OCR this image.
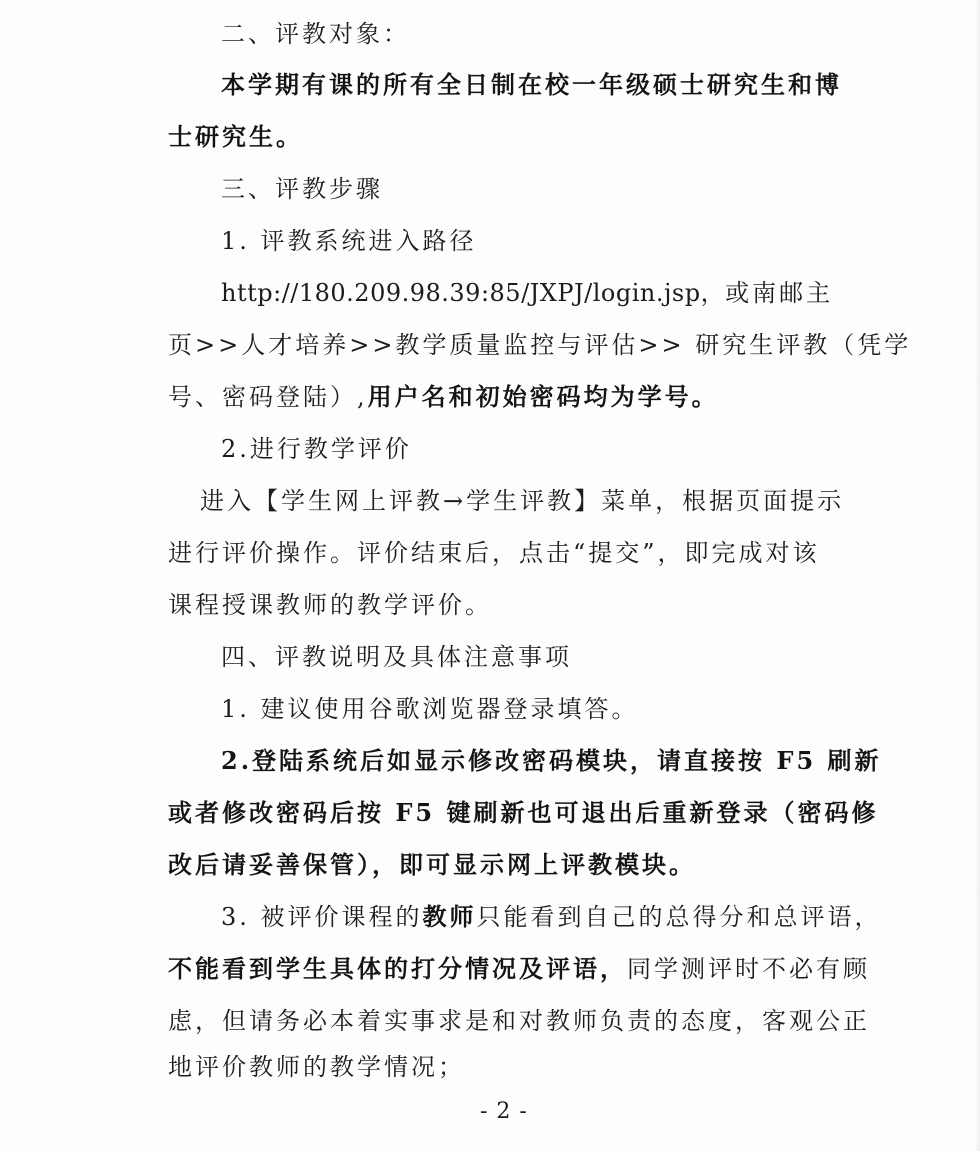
二、评教对象：
本学期有课的所有全日制在校一年级硕士研究生和博
士研究生。
三、评教步骤
1. 评教系统进入路径
http://180.209.98.39:85/JXPJ/login.jsp，或南邮主
页>>人才培养>>教学质量监控与评估>> 研究生评教（凭学
号、密码登陆）,用户名和初始密码均为学号。
2.进行教学评价
进入【学生网上评教→学生评教】菜单，根据页面提示
进行评价操作。评价结束后，点击“提交”，即完成对该
课程授课教师的教学评价。
四、评教说明及具体注意事项
1. 建议使用谷歌浏览器登录填答。
2.登陆系统后如显示修改密码模块，请直接按 F5 刷新
或者修改密码后按 F5 键刷新也可退出后重新登录（密码修
改后请妥善保管），即可显示网上评教模块。
3. 被评价课程的教师只能看到自己的总得分和总评语，
不能看到学生具体的打分情况及评语，同学测评时不必有顾
虑，但请务必本着实事求是和对教师负责的态度，客观公正
地评价教师的教学情况；
- 2 -
